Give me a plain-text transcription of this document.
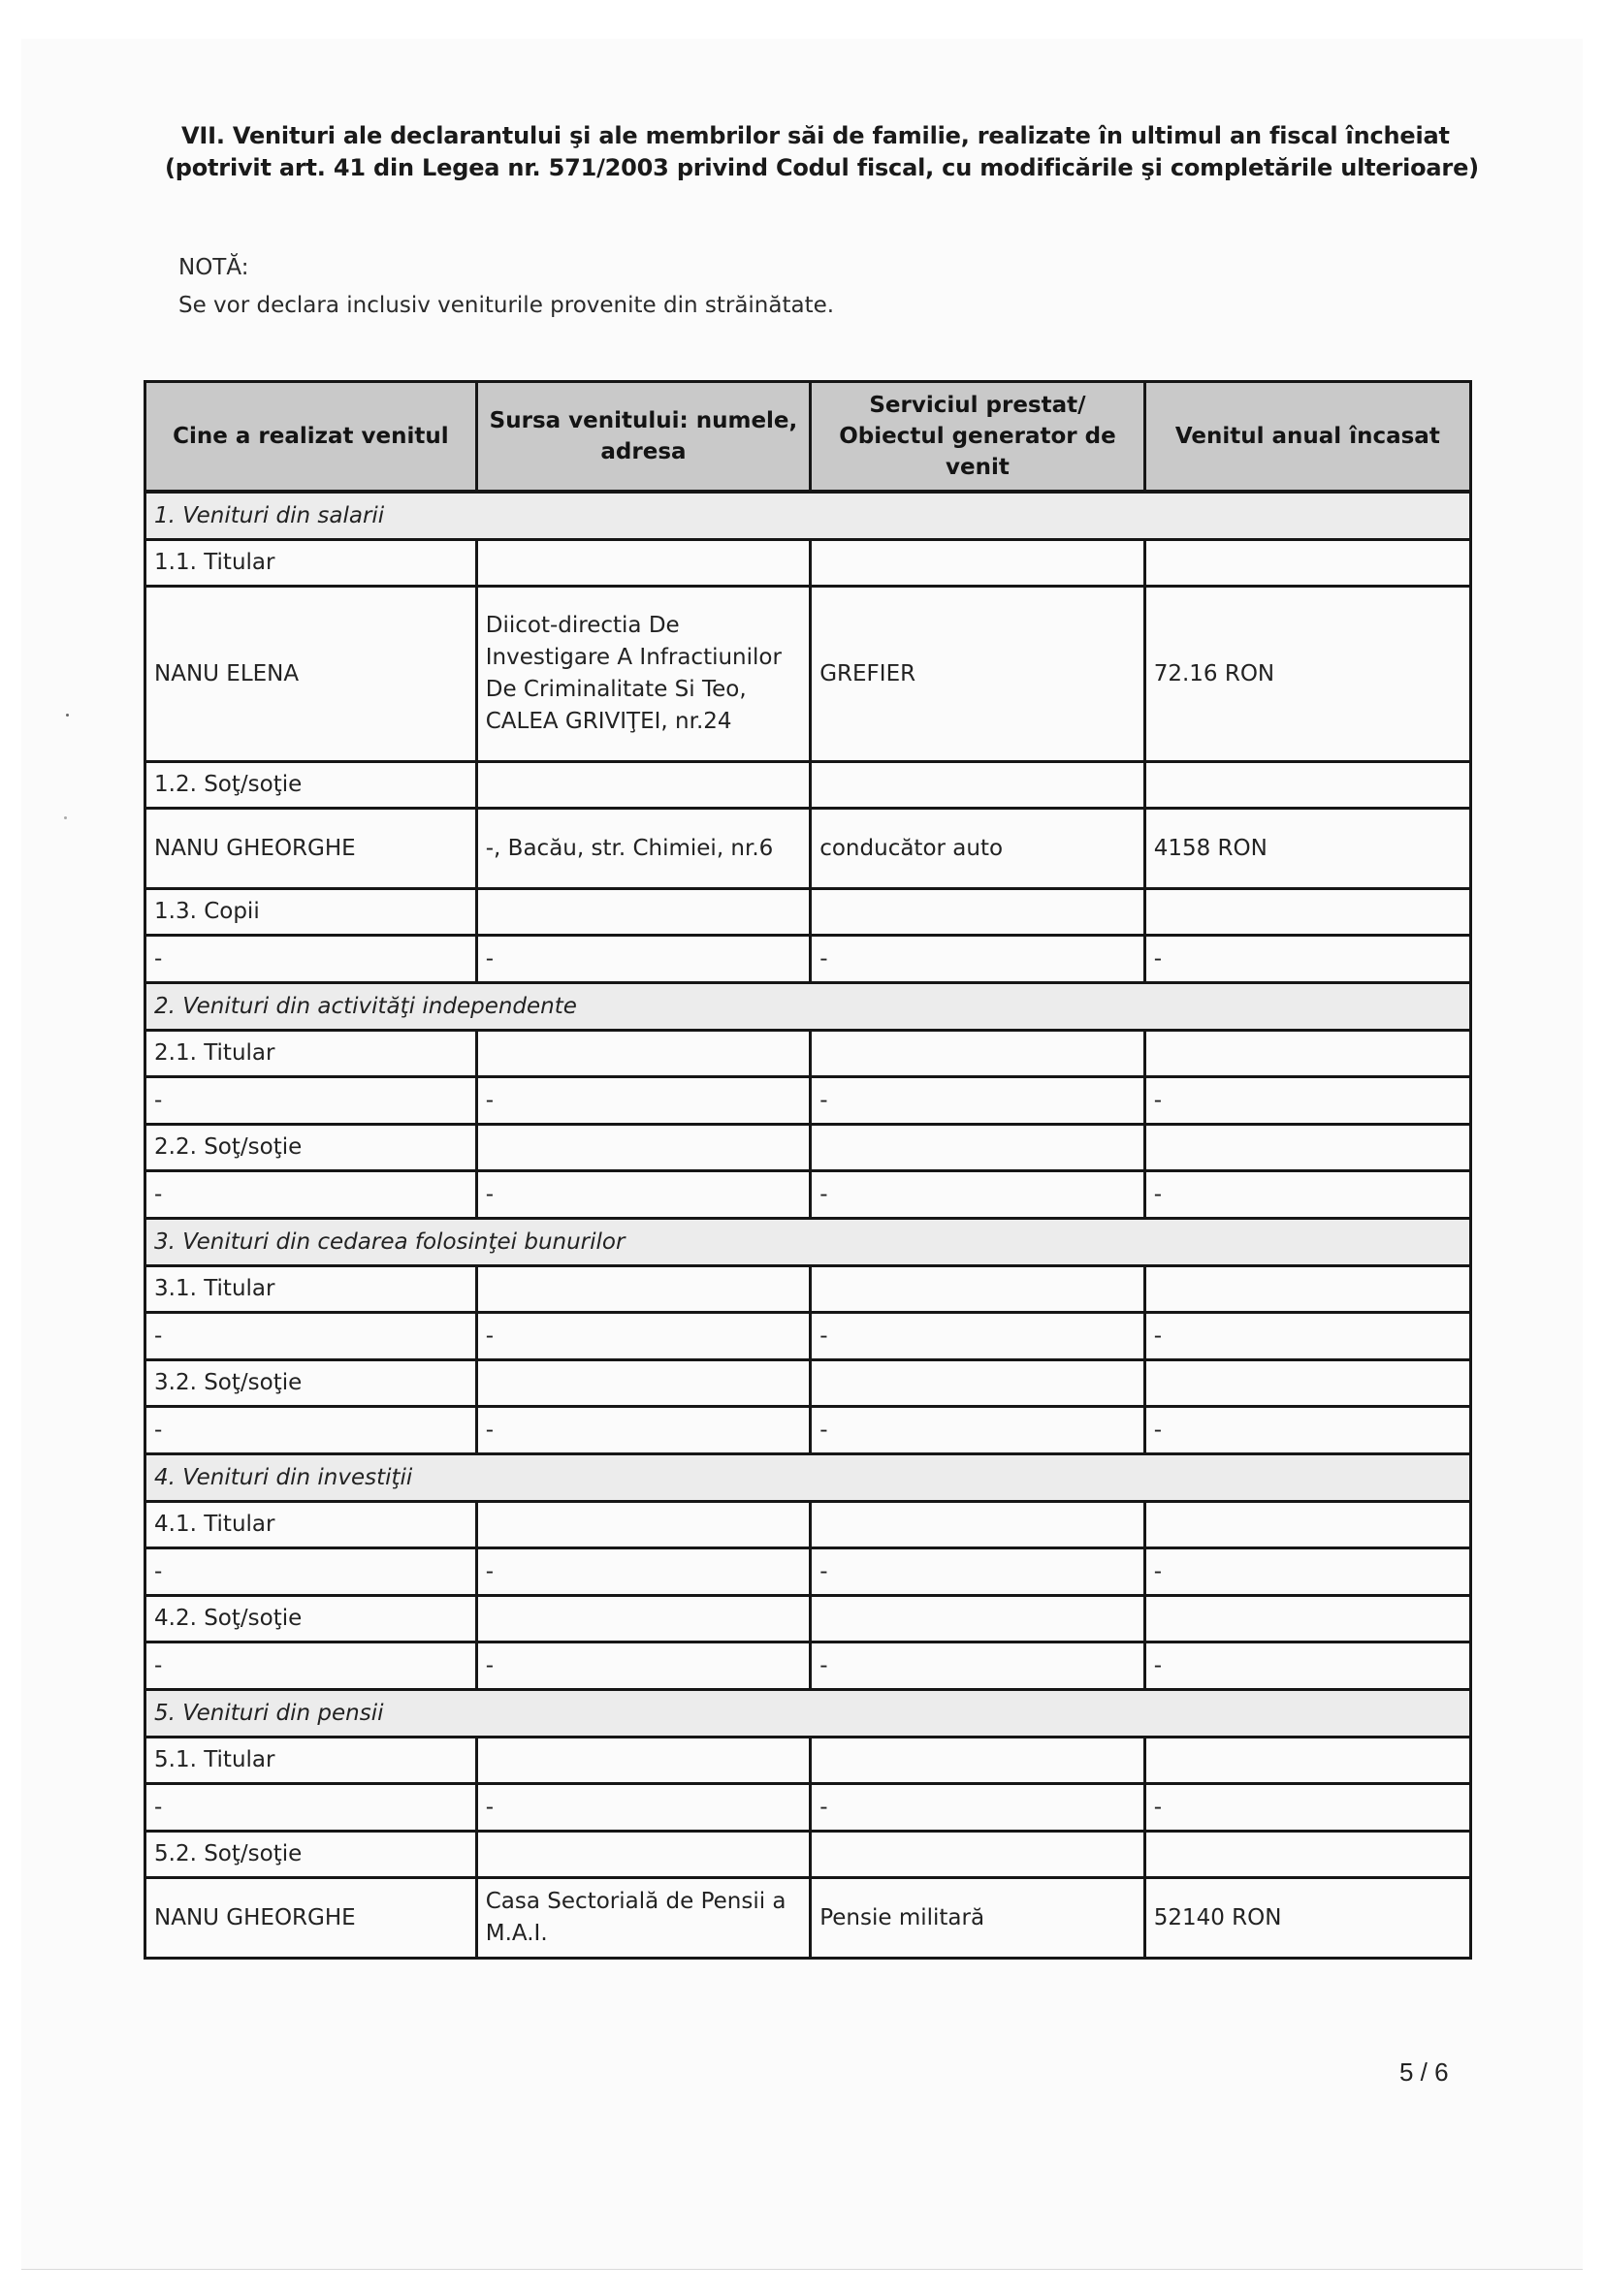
VII. Venituri ale declarantului şi ale membrilor săi de familie, realizate în ultimul an fiscal încheiat (potrivit art. 41 din Legea nr. 571/2003 privind Codul fiscal, cu modificările şi completările ulterioare)
NOTĂ:
Se vor declara inclusiv veniturile provenite din străinătate.
Cine a realizat venitul	Sursa venitului: numele, adresa	Serviciul prestat/ Obiectul generator de venit	Venitul anual încasat
1. Venituri din salarii			
1.1. Titular			
NANU ELENA	Diicot-directia De Investigare A Infractiunilor De Criminalitate Si Teo, CALEA GRIVIŢEI, nr.24	GREFIER	72.16 RON
1.2. Soţ/soţie			
NANU GHEORGHE	-, Bacău, str. Chimiei, nr.6	conducător auto	4158 RON
1.3. Copii			
-	-	-	-
2. Venituri din activităţi independente			
2.1. Titular			
-	-	-	-
2.2. Soţ/soţie			
-	-	-	-
3. Venituri din cedarea folosinţei bunurilor			
3.1. Titular			
-	-	-	-
3.2. Soţ/soţie			
-	-	-	-
4. Venituri din investiţii			
4.1. Titular			
-	-	-	-
4.2. Soţ/soţie			
-	-	-	-
5. Venituri din pensii			
5.1. Titular			
-	-	-	-
5.2. Soţ/soţie			
NANU GHEORGHE	Casa Sectorială de Pensii a M.A.I.	Pensie militară	52140 RON
5 / 6
